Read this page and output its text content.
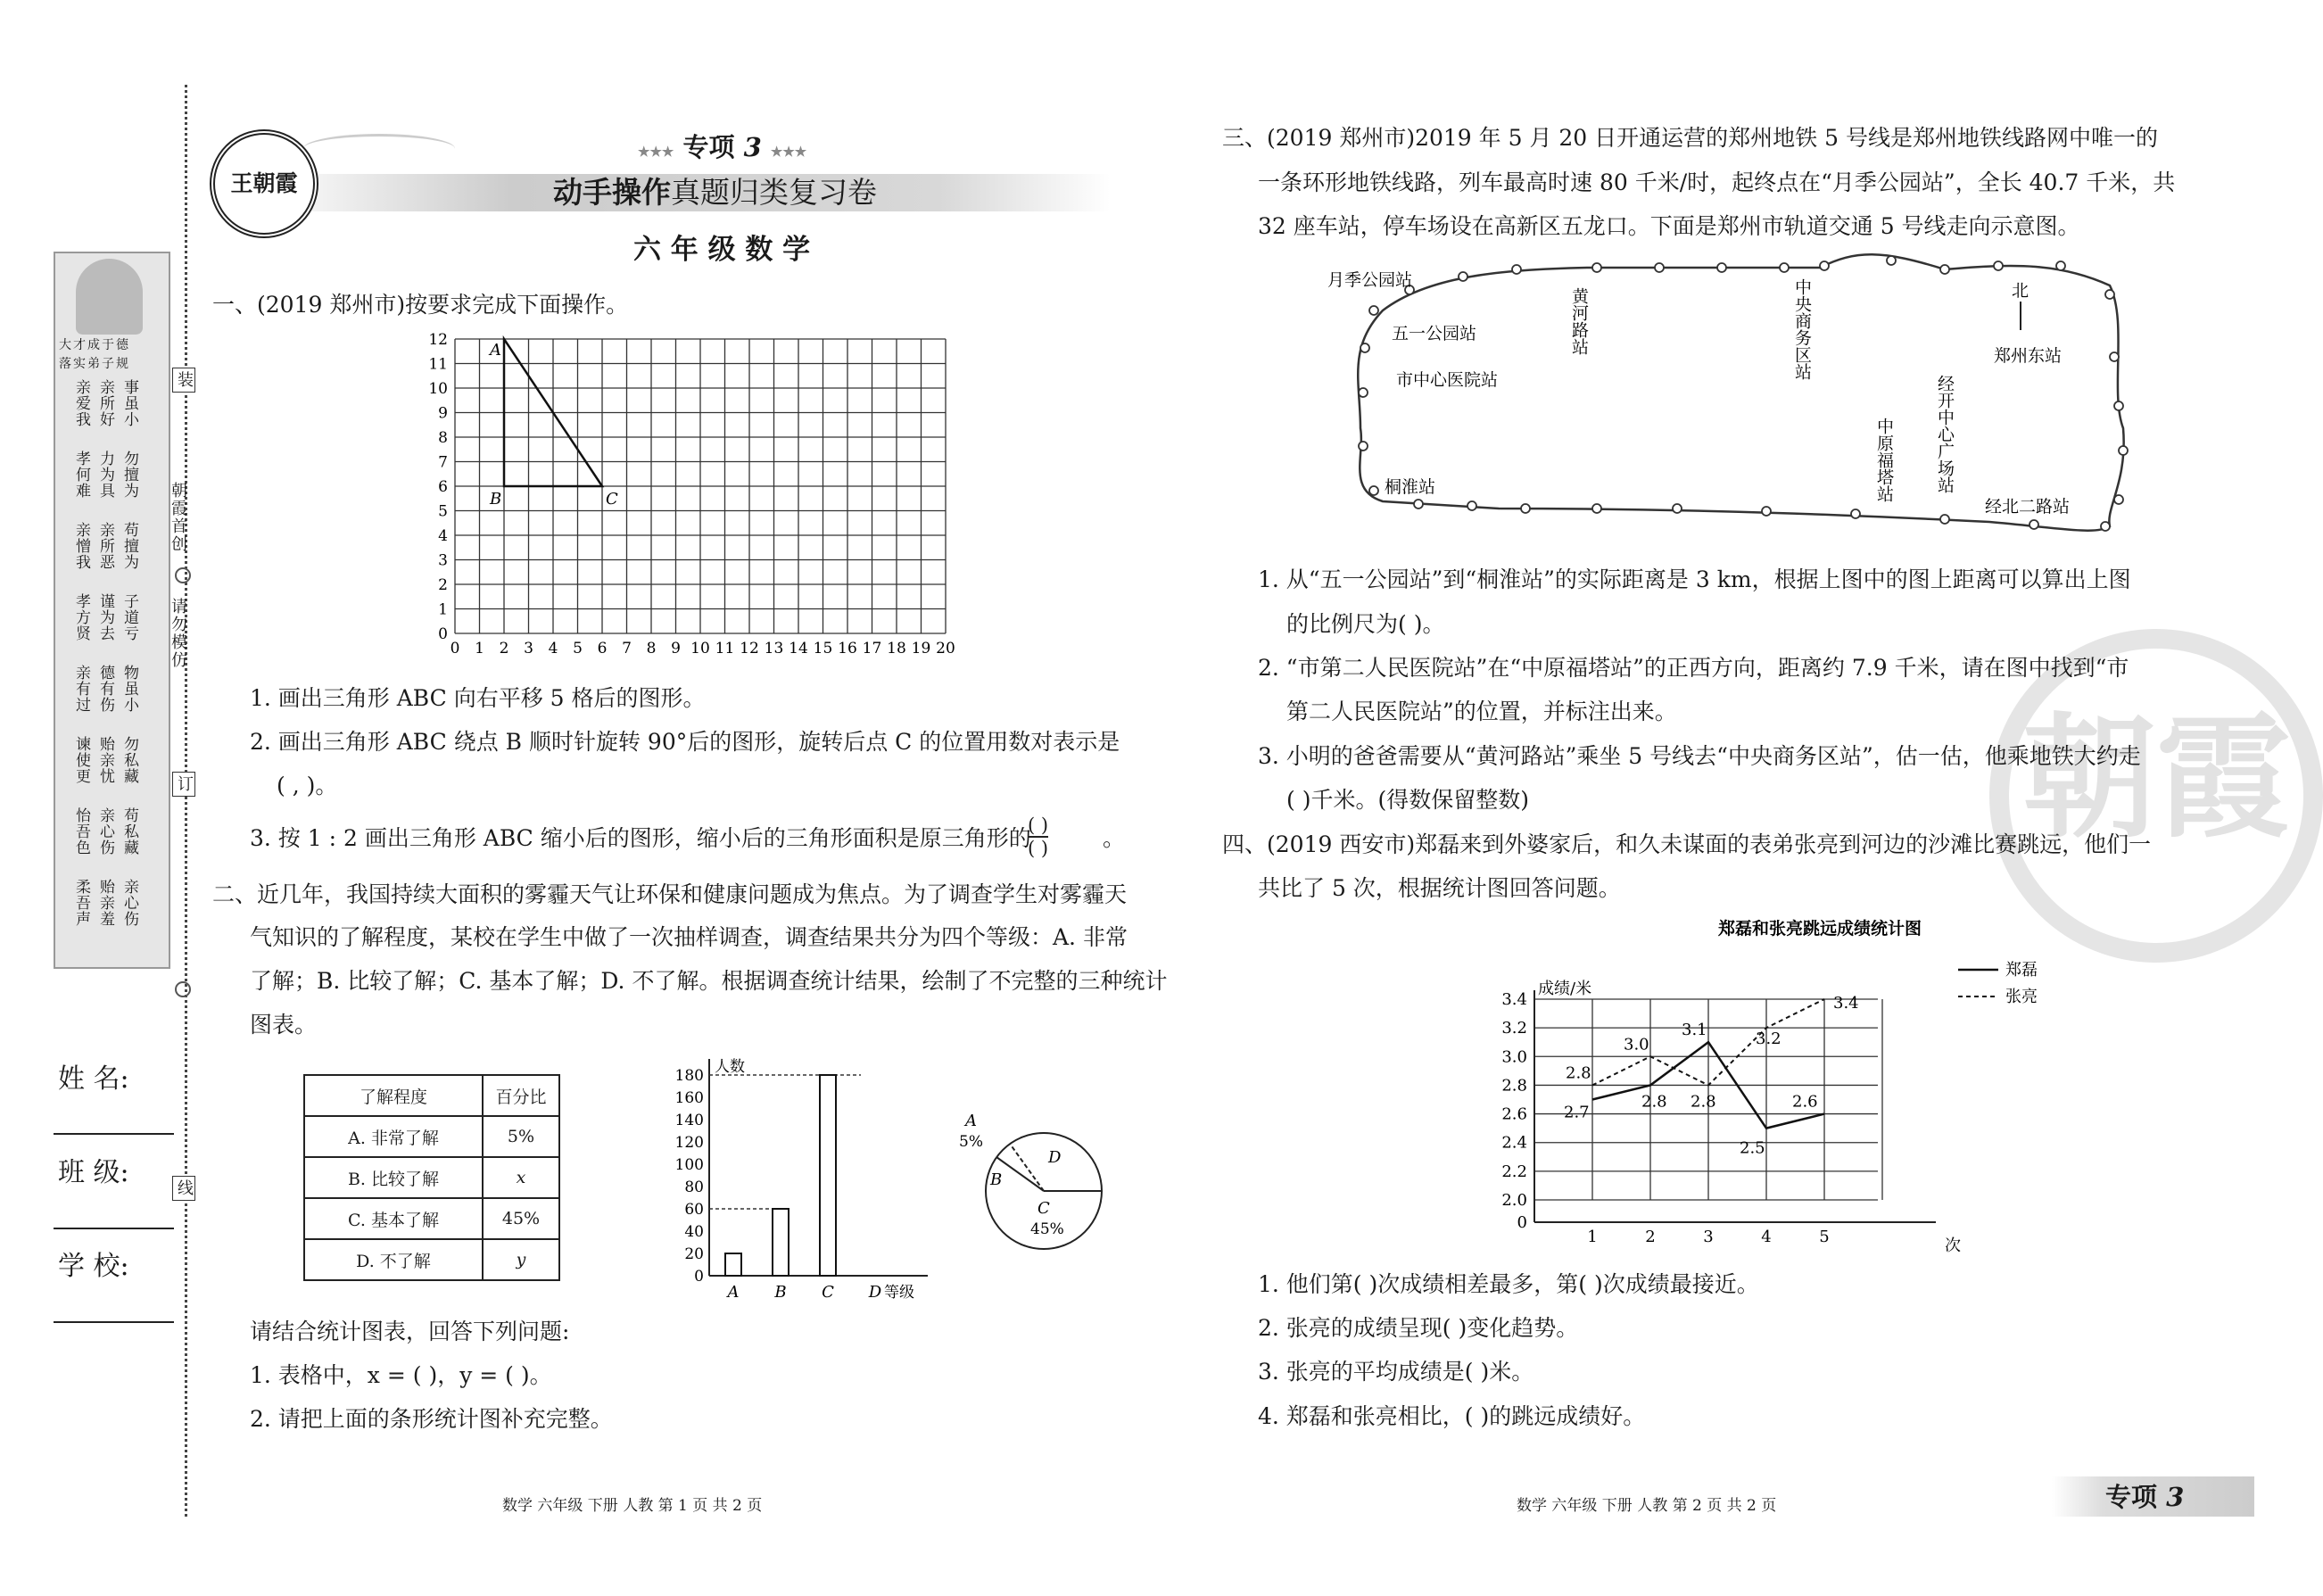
大才成于德
落实弟子规
亲爱我 亲所好 事虽小
孝何难 力为具 勿擅为
亲憎我 亲所恶 苟擅为
孝方贤 谨为去 子道亏
亲有过 德有伤 物虽小
谏使更 贻亲忧 勿私藏
怡吾色 亲心伤 苟私藏
柔吾声 贻亲羞 亲心伤
装
订
线
朝霞首创
请勿模仿
姓 名:
班 级:
学 校:
王朝霞
★★★ 专项 3 ★★★
动手操作真题归类复习卷
六 年 级 数 学
一、(2019 郑州市)按要求完成下面操作。
0 1 2 3 4 5 6 7 8 9 10 11 12 13 14 15 16 17 18 19 20
0
1
2
3
4
5
6
7
8
9
10
11
12
A
B	C
1. 画出三角形 ABC 向右平移 5 格后的图形。
2. 画出三角形 ABC 绕点 B 顺时针旋转 90°后的图形，旋转后点 C 的位置用数对表示是
( , )。
3. 按 1 : 2 画出三角形 ABC 缩小后的图形，缩小后的三角形面积是原三角形的
( )
( ) 。
二、近几年，我国持续大面积的雾霾天气让环保和健康问题成为焦点。为了调查学生对雾霾天
气知识的了解程度，某校在学生中做了一次抽样调查，调查结果共分为四个等级：A. 非常
了解；B. 比较了解；C. 基本了解；D. 不了解。根据调查统计结果，绘制了不完整的三种统计
图表。
了解程度	百分比
A. 非常了解	5%
B. 比较了解	x
C. 基本了解	45%
D. 不了解	y
人数
0
20
40
60
80
100
120
140
160
180
A B C D 等级
A
5%
B
C
45%
D
请结合统计图表，回答下列问题:
1. 表格中，x = ( )，y = ( )。
2. 请把上面的条形统计图补充完整。
数学 六年级 下册 人教 第 1 页 共 2 页
朝霞
三、(2019 郑州市)2019 年 5 月 20 日开通运营的郑州地铁 5 号线是郑州地铁线路网中唯一的
一条环形地铁线路，列车最高时速 80 千米/时，起终点在“月季公园站”，全长 40.7 千米，共
32 座车站，停车场设在高新区五龙口。下面是郑州市轨道交通 5 号线走向示意图。
月季公园站
五一公园站
市中心医院站
桐淮站
郑州东站
经北二路站
黄河路站	中央商务区站
中原福塔站 经开中心广场站
北
1. 从“五一公园站”到“桐淮站”的实际距离是 3 km，根据上图中的图上距离可以算出上图
的比例尺为( )。
2. “市第二人民医院站”在“中原福塔站”的正西方向，距离约 7.9 千米，请在图中找到“市
第二人民医院站”的位置，并标注出来。
3. 小明的爸爸需要从“黄河路站”乘坐 5 号线去“中央商务区站”，估一估，他乘地铁大约走
( )千米。(得数保留整数)
四、(2019 西安市)郑磊来到外婆家后，和久未谋面的表弟张亮到河边的沙滩比赛跳远，他们一
共比了 5 次，根据统计图回答问题。
郑磊和张亮跳远成绩统计图
成绩/米
0
2.0
2.2
2.4
2.6
2.8
3.0
3.2
3.4
1	2	3	4	5	次
2.7
2.8
3.1
2.5
2.6
郑磊
2.8
3.0
2.8
3.2
3.4	张亮
1. 他们第( )次成绩相差最多，第( )次成绩最接近。
2. 张亮的成绩呈现( )变化趋势。
3. 张亮的平均成绩是( )米。
4. 郑磊和张亮相比，( )的跳远成绩好。
数学 六年级 下册 人教 第 2 页 共 2 页	专项 3
